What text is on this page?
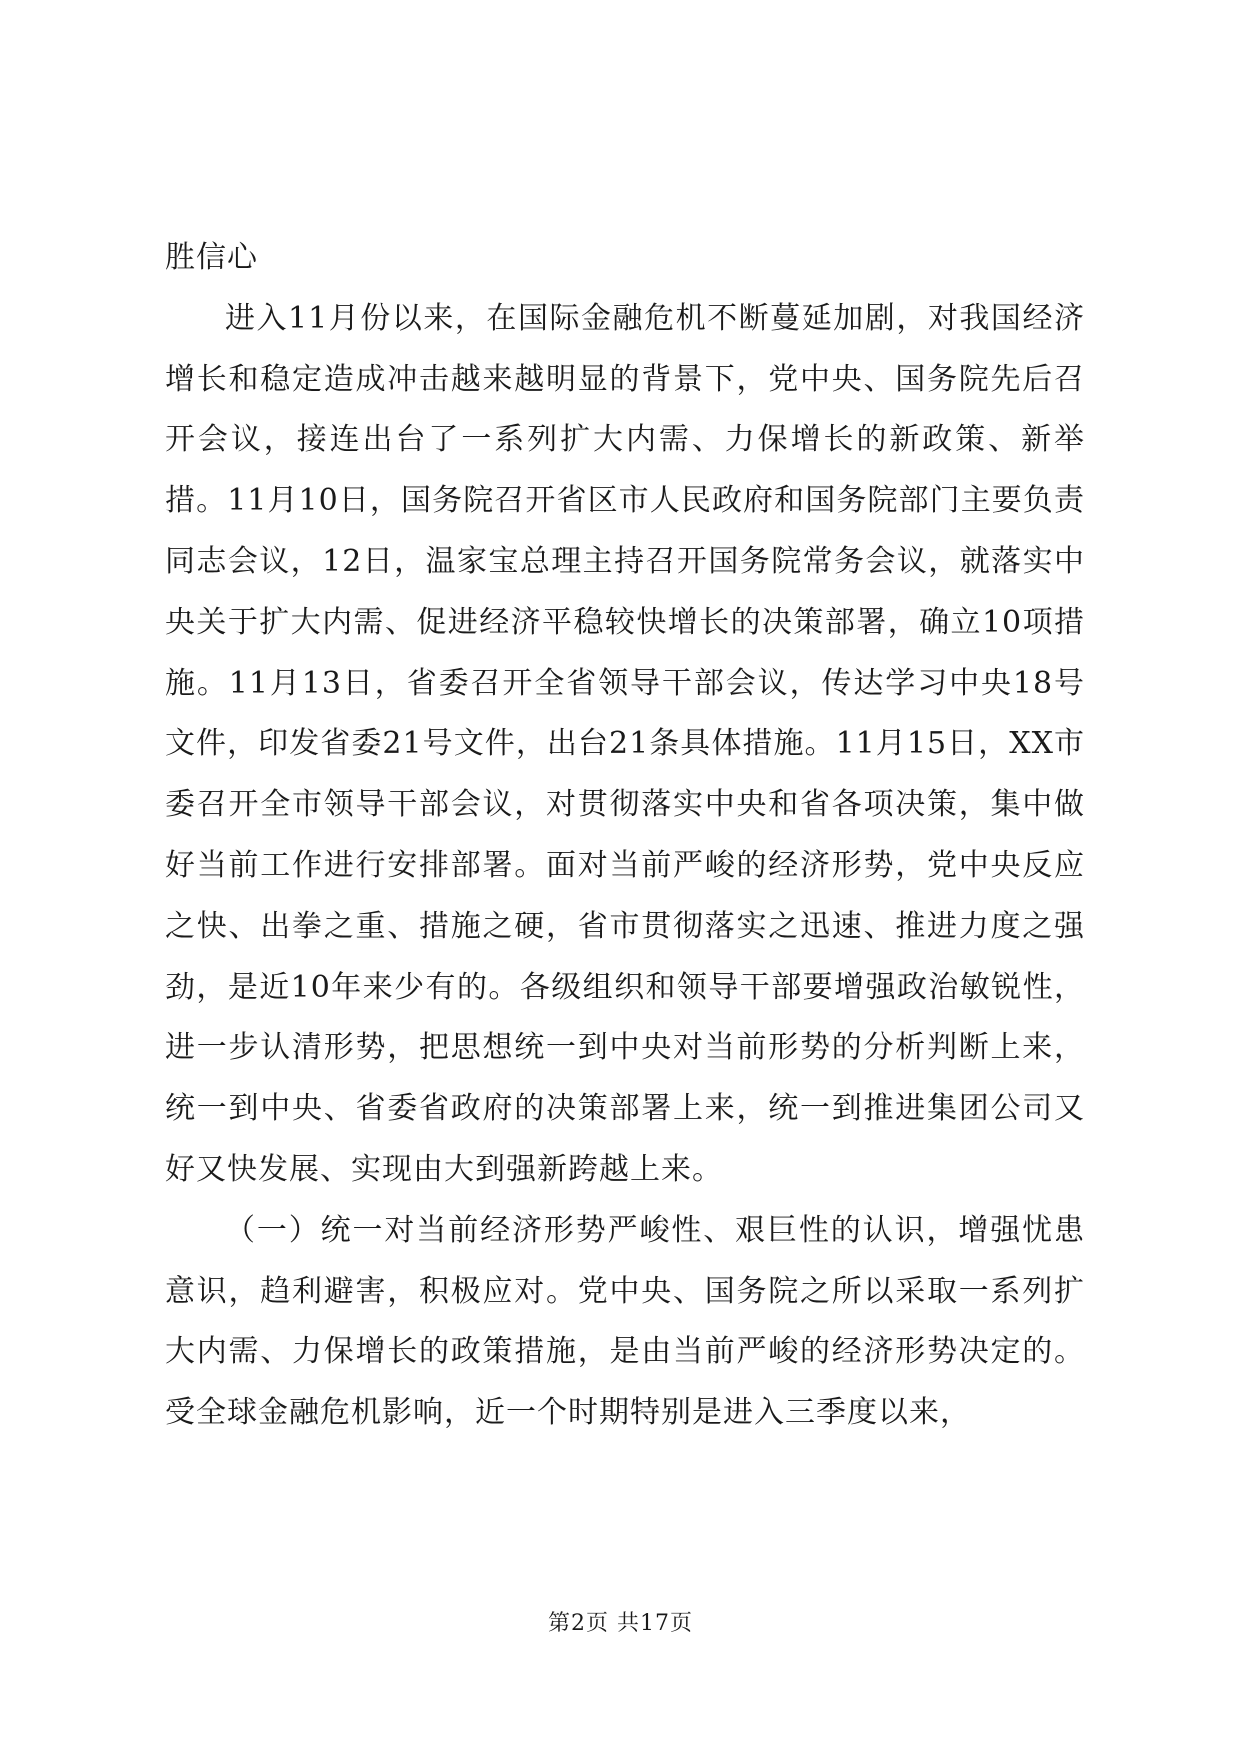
胜信心

进入11月份以来，在国际金融危机不断蔓延加剧，对我国经济增长和稳定造成冲击越来越明显的背景下，党中央、国务院先后召开会议，接连出台了一系列扩大内需、力保增长的新政策、新举措。11月10日，国务院召开省区市人民政府和国务院部门主要负责同志会议，12日，温家宝总理主持召开国务院常务会议，就落实中央关于扩大内需、促进经济平稳较快增长的决策部署，确立10项措施。11月13日，省委召开全省领导干部会议，传达学习中央18号文件，印发省委21号文件，出台21条具体措施。11月15日，XX市委召开全市领导干部会议，对贯彻落实中央和省各项决策，集中做好当前工作进行安排部署。面对当前严峻的经济形势，党中央反应之快、出拳之重、措施之硬，省市贯彻落实之迅速、推进力度之强劲，是近10年来少有的。各级组织和领导干部要增强政治敏锐性，进一步认清形势，把思想统一到中央对当前形势的分析判断上来，统一到中央、省委省政府的决策部署上来，统一到推进集团公司又好又快发展、实现由大到强新跨越上来。

（一）统一对当前经济形势严峻性、艰巨性的认识，增强忧患意识，趋利避害，积极应对。党中央、国务院之所以采取一系列扩大内需、力保增长的政策措施，是由当前严峻的经济形势决定的。受全球金融危机影响，近一个时期特别是进入三季度以来，

第2页 共17页
